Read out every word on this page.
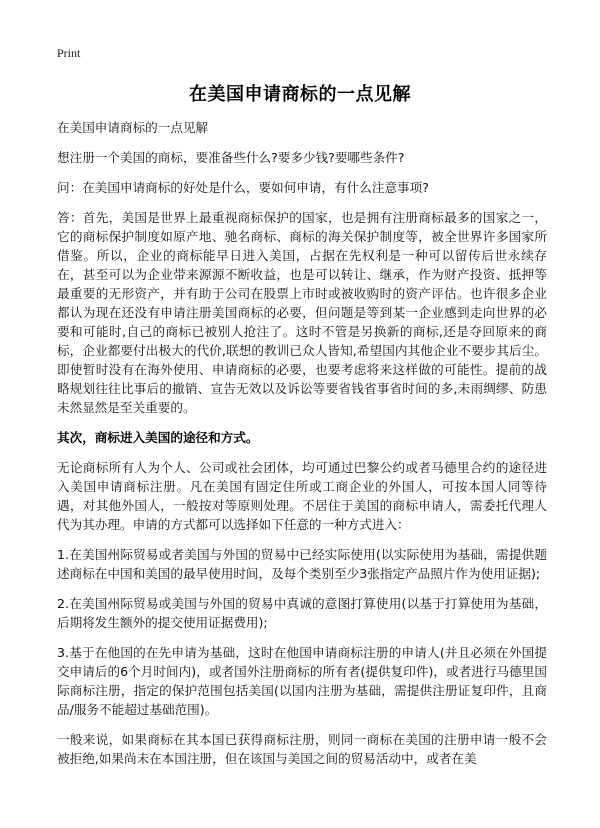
Print
在美国申请商标的一点见解

在美国申请商标的一点见解

想注册一个美国的商标，要准备些什么?要多少钱?要哪些条件?

问：在美国申请商标的好处是什么，要如何申请，有什么注意事项?

答：首先，美国是世界上最重视商标保护的国家，也是拥有注册商标最多的国家之一，它的商标保护制度如原产地、驰名商标、商标的海关保护制度等，被全世界许多国家所借鉴。所以，企业的商标能早日进入美国，占据在先权利是一种可以留传后世永续存在，甚至可以为企业带来源源不断收益，也是可以转让、继承，作为财产投资、抵押等最重要的无形资产，并有助于公司在股票上市时或被收购时的资产评估。也许很多企业都认为现在还没有申请注册美国商标的必要，但问题是等到某一企业感到走向世界的必要和可能时,自己的商标已被别人抢注了。这时不管是另换新的商标,还是夺回原来的商标，企业都要付出极大的代价,联想的教训已众人皆知,希望国内其他企业不要步其后尘。即使暂时没有在海外使用、申请商标的必要，也要考虑将来这样做的可能性。提前的战略规划往往比事后的撤销、宣告无效以及诉讼等要省钱省事省时间的多,未雨绸缪、防患未然显然是至关重要的。

其次，商标进入美国的途径和方式。

无论商标所有人为个人、公司或社会团体，均可通过巴黎公约或者马德里合约的途径进入美国申请商标注册。凡在美国有固定住所或工商企业的外国人，可按本国人同等待遇，对其他外国人，一般按对等原则处理。不居住于美国的商标申请人，需委托代理人代为其办理。申请的方式都可以选择如下任意的一种方式进入：

1.在美国州际贸易或者美国与外国的贸易中已经实际使用(以实际使用为基础，需提供题述商标在中国和美国的最早使用时间，及每个类别至少3张指定产品照片作为使用证据);

2.在美国州际贸易或美国与外国的贸易中真诚的意图打算使用(以基于打算使用为基础，后期将发生额外的提交使用证据费用);

3.基于在他国的在先申请为基础，这时在他国申请商标注册的申请人(并且必须在外国提交申请后的6个月时间内)，或者国外注册商标的所有者(提供复印件)，或者进行马德里国际商标注册，指定的保护范围包括美国(以国内注册为基础，需提供注册证复印件，且商品/服务不能超过基础范围)。

一般来说，如果商标在其本国已获得商标注册，则同一商标在美国的注册申请一般不会被拒绝,如果尚未在本国注册，但在该国与美国之间的贸易活动中，或者在美
